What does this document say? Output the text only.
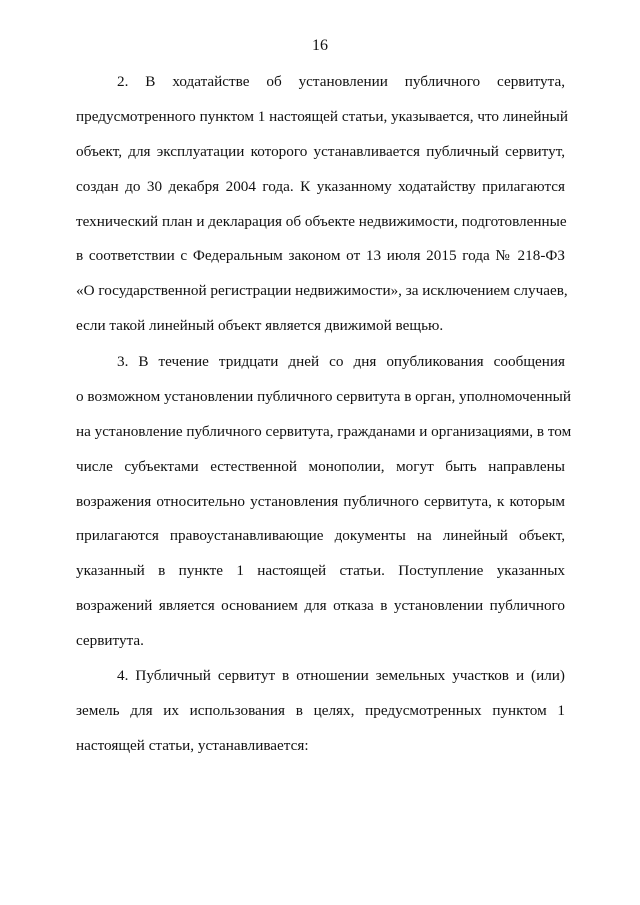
16
2. В ходатайстве об установлении публичного сервитута,
предусмотренного пунктом 1 настоящей статьи, указывается, что линейный
объект, для эксплуатации которого устанавливается публичный сервитут,
создан до 30 декабря 2004 года. К указанному ходатайству прилагаются
технический план и декларация об объекте недвижимости, подготовленные
в соответствии с Федеральным законом от 13 июля 2015 года № 218-ФЗ
«О государственной регистрации недвижимости», за исключением случаев,
если такой линейный объект является движимой вещью.
3. В течение тридцати дней со дня опубликования сообщения
о возможном установлении публичного сервитута в орган, уполномоченный
на установление публичного сервитута, гражданами и организациями, в том
числе субъектами естественной монополии, могут быть направлены
возражения относительно установления публичного сервитута, к которым
прилагаются правоустанавливающие документы на линейный объект,
указанный в пункте 1 настоящей статьи. Поступление указанных
возражений является основанием для отказа в установлении публичного
сервитута.
4. Публичный сервитут в отношении земельных участков и (или)
земель для их использования в целях, предусмотренных пунктом 1
настоящей статьи, устанавливается:
